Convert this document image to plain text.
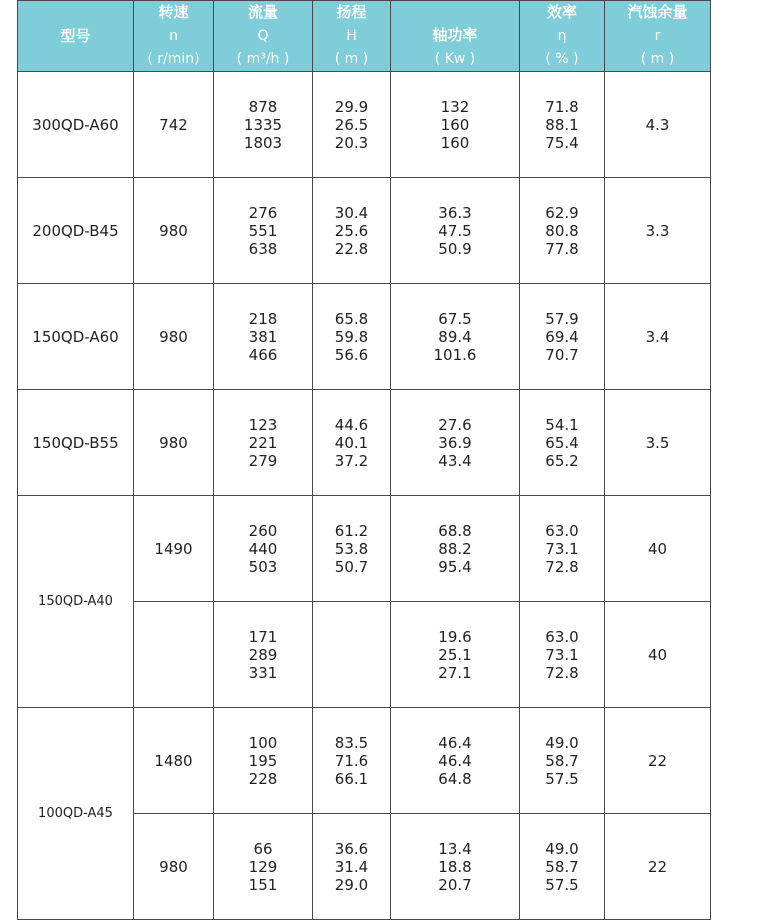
型号	转速
n
( r/min)	流量
Q
( m³/h )	扬程
H
( m )	轴功率
( Kw )	效率
η
( % )	汽蚀余量
r
( m )
300QD-A60	742	878
1335
1803	29.9
26.5
20.3	132
160
160	71.8
88.1
75.4	4.3
200QD-B45	980	276
551
638	30.4
25.6
22.8	36.3
47.5
50.9	62.9
80.8
77.8	3.3
150QD-A60	980	218
381
466	65.8
59.8
56.6	67.5
89.4
101.6	57.9
69.4
70.7	3.4
150QD-B55	980	123
221
279	44.6
40.1
37.2	27.6
36.9
43.4	54.1
65.4
65.2	3.5
150QD-A40	1490	260
440
503	61.2
53.8
50.7	68.8
88.2
95.4	63.0
73.1
72.8	40

		171
289
331		19.6
25.1
27.1	63.0
73.1
72.8	40
100QD-A45	1480	100
195
228	83.5
71.6
66.1	46.4
46.4
64.8	49.0
58.7
57.5	22
	980	66
129
151	36.6
31.4
29.0	13.4
18.8
20.7	49.0
58.7
57.5	22
